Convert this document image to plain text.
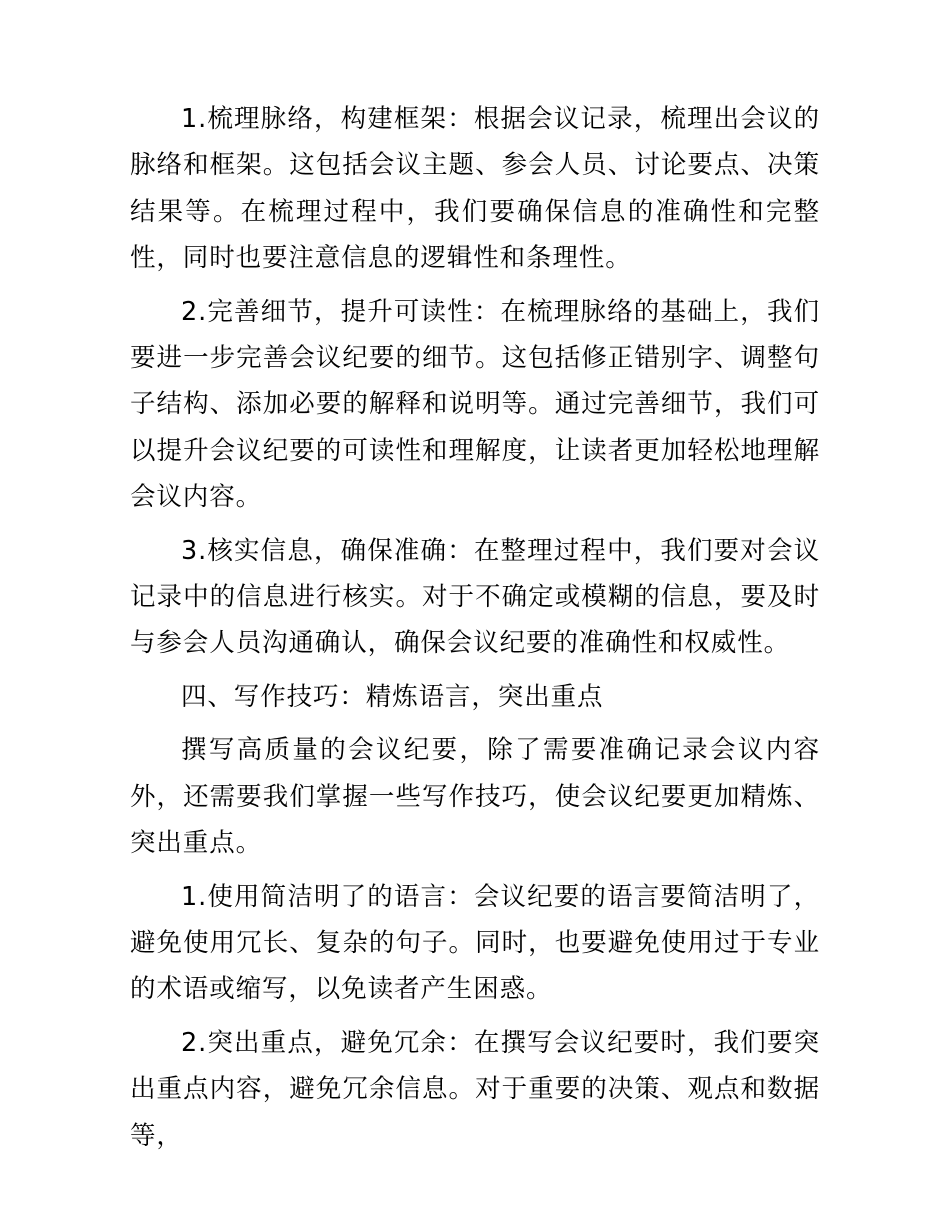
1.梳理脉络，构建框架：根据会议记录，梳理出会议的脉络和框架。这包括会议主题、参会人员、讨论要点、决策结果等。在梳理过程中，我们要确保信息的准确性和完整性，同时也要注意信息的逻辑性和条理性。

2.完善细节，提升可读性：在梳理脉络的基础上，我们要进一步完善会议纪要的细节。这包括修正错别字、调整句子结构、添加必要的解释和说明等。通过完善细节，我们可以提升会议纪要的可读性和理解度，让读者更加轻松地理解会议内容。

3.核实信息，确保准确：在整理过程中，我们要对会议记录中的信息进行核实。对于不确定或模糊的信息，要及时与参会人员沟通确认，确保会议纪要的准确性和权威性。

四、写作技巧：精炼语言，突出重点

撰写高质量的会议纪要，除了需要准确记录会议内容外，还需要我们掌握一些写作技巧，使会议纪要更加精炼、突出重点。

1.使用简洁明了的语言：会议纪要的语言要简洁明了，避免使用冗长、复杂的句子。同时，也要避免使用过于专业的术语或缩写，以免读者产生困惑。

2.突出重点，避免冗余：在撰写会议纪要时，我们要突出重点内容，避免冗余信息。对于重要的决策、观点和数据等，
